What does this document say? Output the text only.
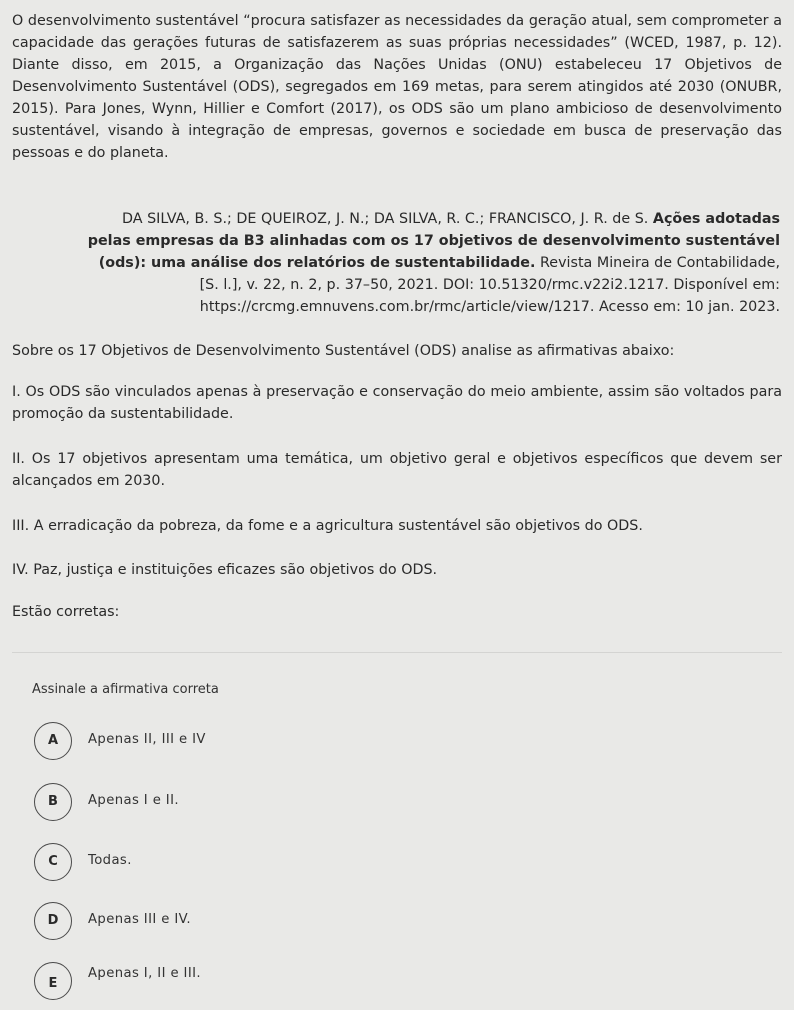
O desenvolvimento sustentável “procura satisfazer as necessidades da geração atual, sem comprometer a capacidade das gerações futuras de satisfazerem as suas próprias necessidades” (WCED, 1987, p. 12). Diante disso, em 2015, a Organização das Nações Unidas (ONU) estabeleceu 17 Objetivos de Desenvolvimento Sustentável (ODS), segregados em 169 metas, para serem atingidos até 2030 (ONUBR, 2015). Para Jones, Wynn, Hillier e Comfort (2017), os ODS são um plano ambicioso de desenvolvimento sustentável, visando à integração de empresas, governos e sociedade em busca de preservação das pessoas e do planeta.

DA SILVA, B. S.; DE QUEIROZ, J. N.; DA SILVA, R. C.; FRANCISCO, J. R. de S. Ações adotadas pelas empresas da B3 alinhadas com os 17 objetivos de desenvolvimento sustentável (ods): uma análise dos relatórios de sustentabilidade. Revista Mineira de Contabilidade, [S. l.], v. 22, n. 2, p. 37–50, 2021. DOI: 10.51320/rmc.v22i2.1217. Disponível em: https://crcmg.emnuvens.com.br/rmc/article/view/1217. Acesso em: 10 jan. 2023.

Sobre os 17 Objetivos de Desenvolvimento Sustentável (ODS) analise as afirmativas abaixo:

I. Os ODS são vinculados apenas à preservação e conservação do meio ambiente, assim são voltados para promoção da sustentabilidade.

II. Os 17 objetivos apresentam uma temática, um objetivo geral e objetivos específicos que devem ser alcançados em 2030.

III. A erradicação da pobreza, da fome e a agricultura sustentável são objetivos do ODS.

IV. Paz, justiça e instituições eficazes são objetivos do ODS.

Estão corretas:

Assinale a afirmativa correta
A	Apenas II, III e IV
B	Apenas I e II.
C	Todas.
D	Apenas III e IV.
E
Apenas I, II e III.
